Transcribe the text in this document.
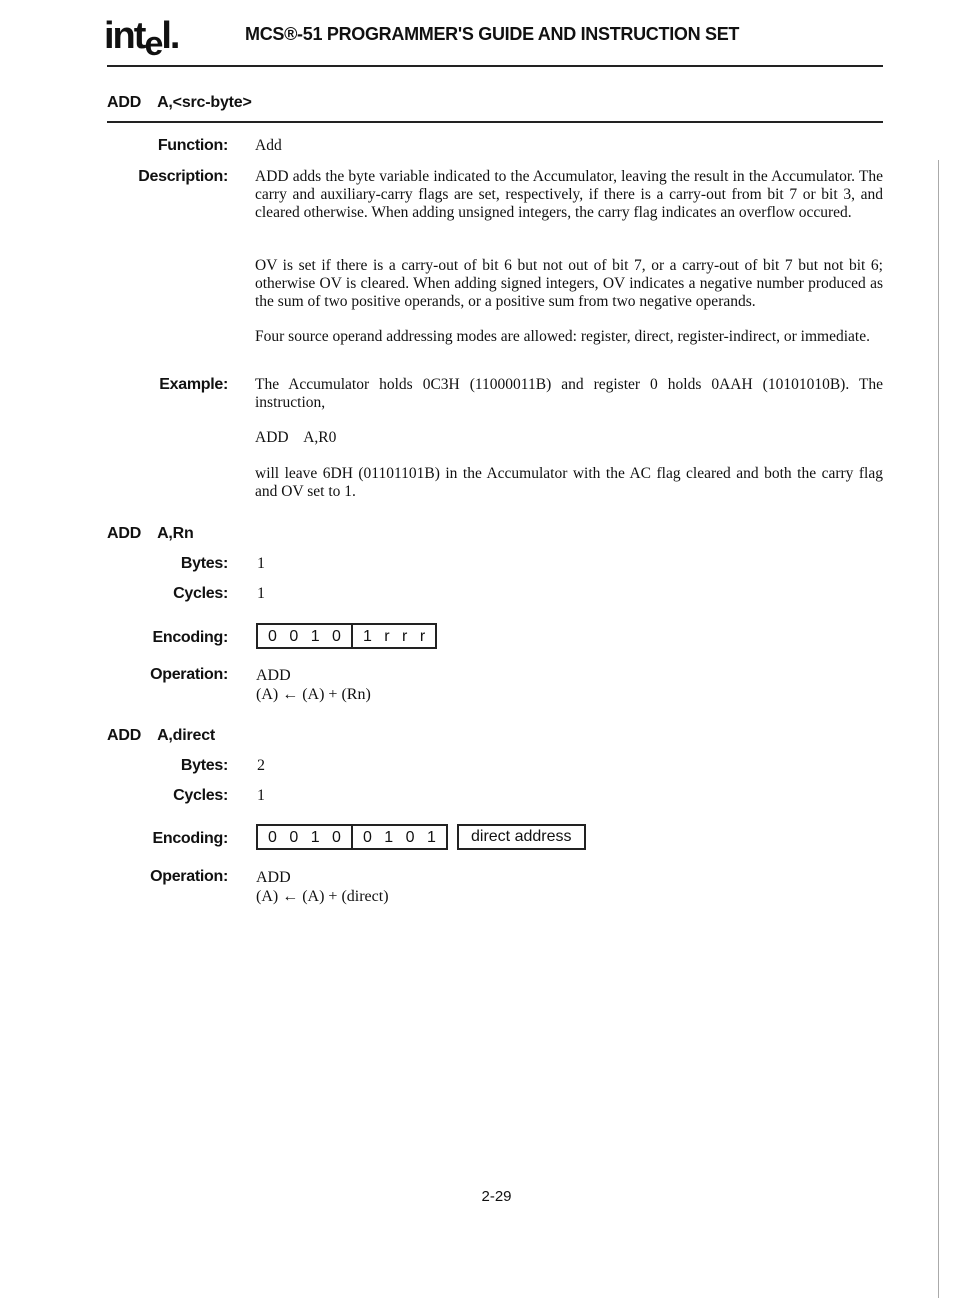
intel.	MCS®-51 PROGRAMMER'S GUIDE AND INSTRUCTION SET
ADD A,<src-byte>
Function: Add
Description: ADD adds the byte variable indicated to the Accumulator, leaving the result in the Accumulator. The carry and auxiliary-carry flags are set, respectively, if there is a carry-out from bit 7 or bit 3, and cleared otherwise. When adding unsigned integers, the carry flag indicates an overflow occured.
OV is set if there is a carry-out of bit 6 but not out of bit 7, or a carry-out of bit 7 but not bit 6; otherwise OV is cleared. When adding signed integers, OV indicates a negative number produced as the sum of two positive operands, or a positive sum from two negative operands.
Four source operand addressing modes are allowed: register, direct, register-indirect, or immediate.
Example: The Accumulator holds 0C3H (11000011B) and register 0 holds 0AAH (10101010B). The instruction,
ADD    A,R0
will leave 6DH (01101101B) in the Accumulator with the AC flag cleared and both the carry flag and OV set to 1.
ADD A,Rn
Bytes: 1
Cycles: 1
Encoding:	0 0 1 0	1 r r r
Operation: ADD
(A) ← (A) + (Rn)
ADD A,direct
Bytes: 2
Cycles: 1
Encoding:	0 0 1 0	0 1 0 1	direct address
Operation: ADD
(A) ← (A) + (direct)
2-29
